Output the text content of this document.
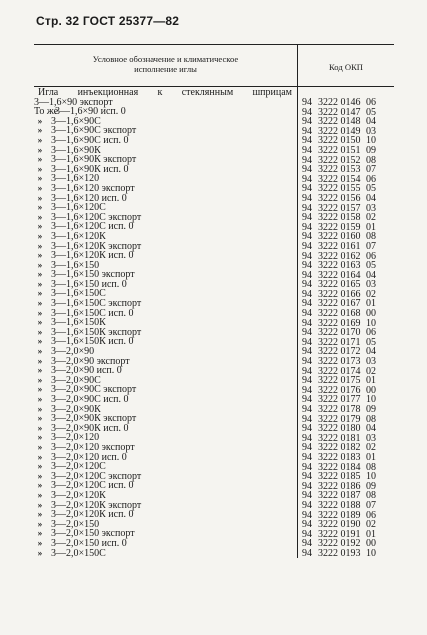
Стр. 32 ГОСТ 25377—82
Условное обозначение и климатическое
исполнение иглы	Код ОКП
Игла инъекционная к стеклянным шприцам
3—1,6×90 экспорт
То же
3—1,6×90 исп. 0
» 3—1,6×90С
» 3—1,6×90С экспорт
» 3—1,6×90С исп. 0
» 3—1,6×90К
» 3—1,6×90К экспорт
» 3—1,6×90К исп. 0
» 3—1,6×120
» 3—1,6×120 экспорт
» 3—1,6×120 исп. 0
» 3—1,6×120С
» 3—1,6×120С экспорт
» 3—1,6×120С исп. 0
» 3—1,6×120К
» 3—1,6×120К экспорт
» 3—1,6×120К исп. 0
» 3—1,6×150
» 3—1,6×150 экспорт
» 3—1,6×150 исп. 0
» 3—1,6×150С
» 3—1,6×150С экспорт
» 3—1,6×150С исп. 0
» 3—1,6×150К
» 3—1,6×150К экспорт
» 3—1,6×150К исп. 0
» 3—2,0×90
» 3—2,0×90 экспорт
» 3—2,0×90 исп. 0
» 3—2,0×90С
» 3—2,0×90С экспорт
» 3—2,0×90С исп. 0
» 3—2,0×90К
» 3—2,0×90К экспорт
» 3—2,0×90К исп. 0
» 3—2,0×120
» 3—2,0×120 экспорт
» 3—2,0×120 исп. 0
» 3—2,0×120С
» 3—2,0×120С экспорт
» 3—2,0×120С исп. 0
» 3—2,0×120К
» 3—2,0×120К экспорт
» 3—2,0×120К исп. 0
» 3—2,0×150
» 3—2,0×150 экспорт
» 3—2,0×150 исп. 0
» 3—2,0×150С
94 3222 0146 06
94 3222 0147 05
94 3222 0148 04
94 3222 0149 03
94 3222 0150 10
94 3222 0151 09
94 3222 0152 08
94 3222 0153 07
94 3222 0154 06
94 3222 0155 05
94 3222 0156 04
94 3222 0157 03
94 3222 0158 02
94 3222 0159 01
94 3222 0160 08
94 3222 0161 07
94 3222 0162 06
94 3222 0163 05
94 3222 0164 04
94 3222 0165 03
94 3222 0166 02
94 3222 0167 01
94 3222 0168 00
94 3222 0169 10
94 3222 0170 06
94 3222 0171 05
94 3222 0172 04
94 3222 0173 03
94 3222 0174 02
94 3222 0175 01
94 3222 0176 00
94 3222 0177 10
94 3222 0178 09
94 3222 0179 08
94 3222 0180 04
94 3222 0181 03
94 3222 0182 02
94 3222 0183 01
94 3222 0184 08
94 3222 0185 10
94 3222 0186 09
94 3222 0187 08
94 3222 0188 07
94 3222 0189 06
94 3222 0190 02
94 3222 0191 01
94 3222 0192 00
94 3222 0193 10
